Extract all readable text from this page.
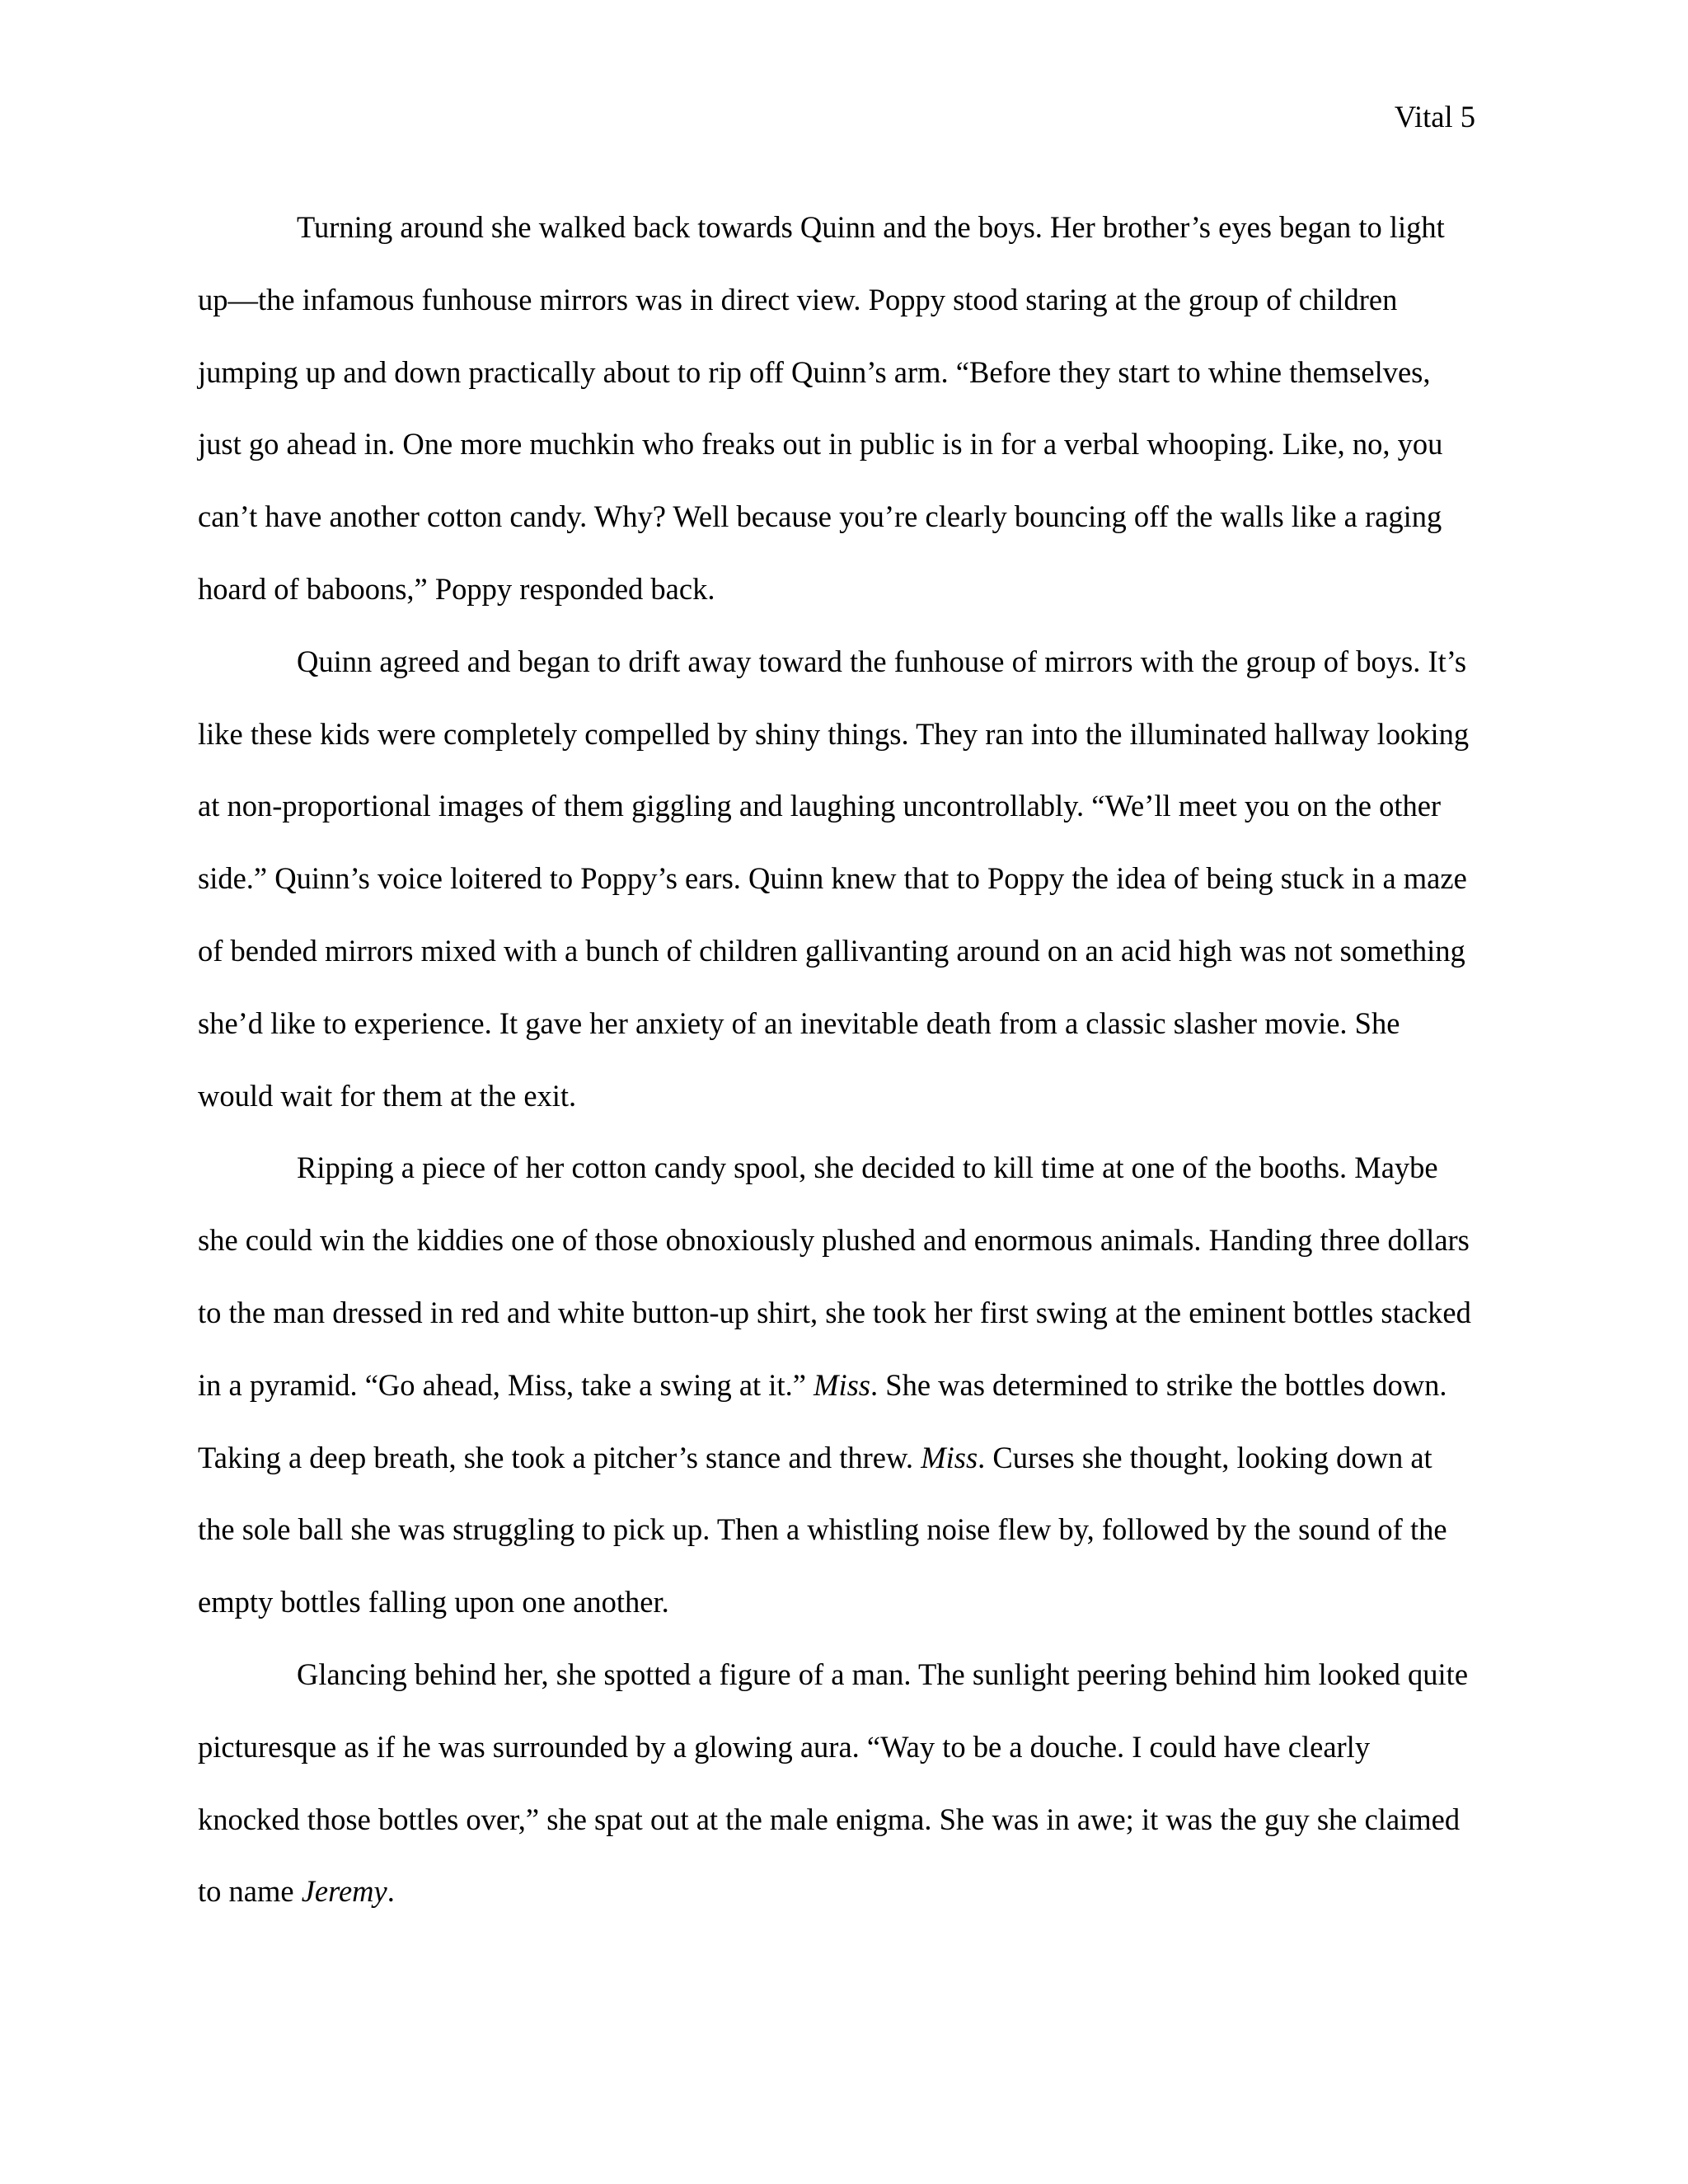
Vital 5

Turning around she walked back towards Quinn and the boys. Her brother’s eyes began to light up—the infamous funhouse mirrors was in direct view. Poppy stood staring at the group of children jumping up and down practically about to rip off Quinn’s arm. “Before they start to whine themselves, just go ahead in. One more muchkin who freaks out in public is in for a verbal whooping. Like, no, you can’t have another cotton candy. Why? Well because you’re clearly bouncing off the walls like a raging hoard of baboons,” Poppy responded back.

Quinn agreed and began to drift away toward the funhouse of mirrors with the group of boys. It’s like these kids were completely compelled by shiny things. They ran into the illuminated hallway looking at non-proportional images of them giggling and laughing uncontrollably. “We’ll meet you on the other side.” Quinn’s voice loitered to Poppy’s ears. Quinn knew that to Poppy the idea of being stuck in a maze of bended mirrors mixed with a bunch of children gallivanting around on an acid high was not something she’d like to experience. It gave her anxiety of an inevitable death from a classic slasher movie. She would wait for them at the exit.

Ripping a piece of her cotton candy spool, she decided to kill time at one of the booths. Maybe she could win the kiddies one of those obnoxiously plushed and enormous animals. Handing three dollars to the man dressed in red and white button-up shirt, she took her first swing at the eminent bottles stacked in a pyramid. “Go ahead, Miss, take a swing at it.” Miss. She was determined to strike the bottles down. Taking a deep breath, she took a pitcher’s stance and threw. Miss. Curses she thought, looking down at the sole ball she was struggling to pick up. Then a whistling noise flew by, followed by the sound of the empty bottles falling upon one another.

Glancing behind her, she spotted a figure of a man. The sunlight peering behind him looked quite picturesque as if he was surrounded by a glowing aura. “Way to be a douche. I could have clearly knocked those bottles over,” she spat out at the male enigma. She was in awe; it was the guy she claimed to name Jeremy.
